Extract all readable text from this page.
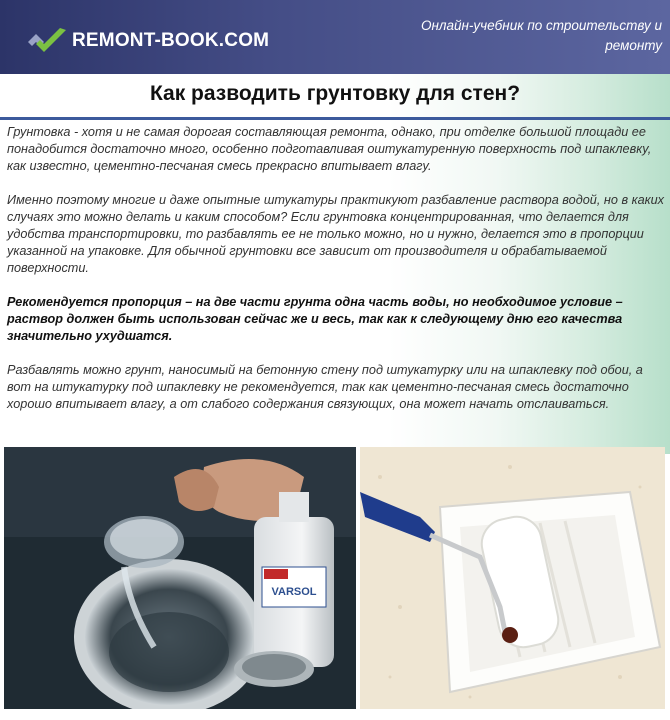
REMONT-BOOK.COM
Онлайн-учебник по строительству и ремонту
Как разводить грунтовку для стен?

Грунтовка - хотя и не самая дорогая составляющая ремонта, однако, при отделке большой площади ее понадобится достаточно много, особенно подготавливая оштукатуренную поверхность под шпаклевку, как известно, цементно-песчаная смесь прекрасно впитывает влагу.

Именно поэтому многие и даже опытные штукатуры практикуют разбавление раствора водой, но в каких случаях это можно делать и каким способом? Если грунтовка концентрированная, что делается для удобства транспортировки, то разбавлять ее не только можно, но и нужно, делается это в пропорции указанной на упаковке. Для обычной грунтовки все зависит от производителя и обрабатываемой поверхности.

Рекомендуется пропорция – на две части грунта одна часть воды, но необходимое условие – раствор должен быть использован сейчас же и весь, так как к следующему дню его качества значительно ухудшатся.

Разбавлять можно грунт, наносимый на бетонную стену под штукатурку или на шпаклевку под обои, а вот на штукатурку под шпаклевку не рекомендуется, так как цементно-песчаная смесь достаточно хорошо впитывает влагу, а от слабого содержания связующих, она может начать отслаиваться.

VARSOL
